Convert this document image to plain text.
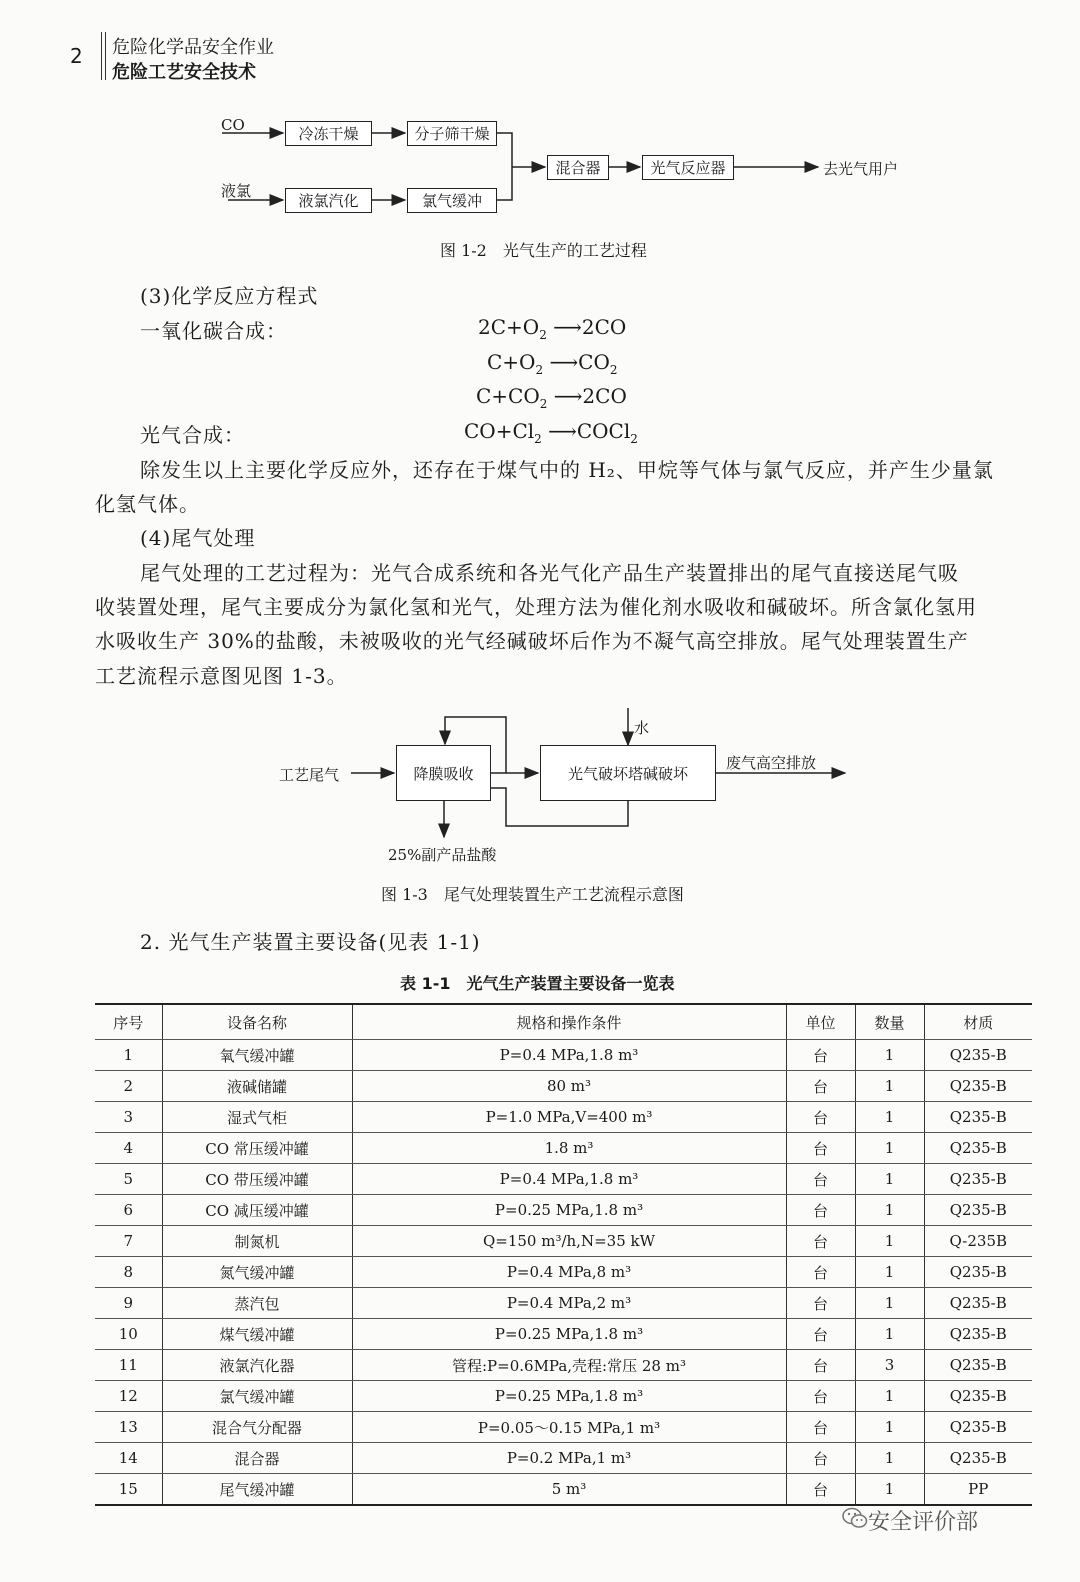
2 危险化学品安全作业
危险工艺安全技术
CO
液氯
冷冻干燥	分子筛干燥
液氯汽化	氯气缓冲
混合器	光气反应器	去光气用户
图 1-2　光气生产的工艺过程
(3)化学反应方程式
一氧化碳合成：	$2C+O_2$ ⟶2CO
$C+O_2$ $⟶CO_2$
$C+CO_2$ ⟶2CO
光气合成：	$CO+Cl_2$ ⟶COCl$_2$
除发生以上主要化学反应外，还存在于煤气中的 H₂、甲烷等气体与氯气反应，并产生少量氯
化氢气体。
(4)尾气处理
尾气处理的工艺过程为：光气合成系统和各光气化产品生产装置排出的尾气直接送尾气吸
收装置处理，尾气主要成分为氯化氢和光气，处理方法为催化剂水吸收和碱破坏。所含氯化氢用
水吸收生产 30%的盐酸，未被吸收的光气经碱破坏后作为不凝气高空排放。尾气处理装置生产
工艺流程示意图见图 1-3。
工艺尾气	降膜吸收	光气破坏塔碱破坏
水
废气高空排放
25%副产品盐酸
图 1-3　尾气处理装置生产工艺流程示意图
2. 光气生产装置主要设备(见表 1-1)
表 1-1　光气生产装置主要设备一览表
序号	设备名称	规格和操作条件	单位	数量	材质
1	氧气缓冲罐	P=0.4 MPa,1.8 m³	台	1	Q235-B
2	液碱储罐	80 m³	台	1	Q235-B
3	湿式气柜	P=1.0 MPa,V=400 m³	台	1	Q235-B
4	CO 常压缓冲罐	1.8 m³	台	1	Q235-B
5	CO 带压缓冲罐	P=0.4 MPa,1.8 m³	台	1	Q235-B
6	CO 减压缓冲罐	P=0.25 MPa,1.8 m³	台	1	Q235-B
7	制氮机	Q=150 m³/h,N=35 kW	台	1	Q-235B
8	氮气缓冲罐	P=0.4 MPa,8 m³	台	1	Q235-B
9	蒸汽包	P=0.4 MPa,2 m³	台	1	Q235-B
10	煤气缓冲罐	P=0.25 MPa,1.8 m³	台	1	Q235-B
11	液氯汽化器	管程:P=0.6MPa,壳程:常压 28 m³	台	3	Q235-B
12	氯气缓冲罐	P=0.25 MPa,1.8 m³	台	1	Q235-B
13	混合气分配器	P=0.05～0.15 MPa,1 m³	台	1	Q235-B
14	混合器	P=0.2 MPa,1 m³	台	1	Q235-B
15	尾气缓冲罐	5 m³	台	1	PP
安全评价部
